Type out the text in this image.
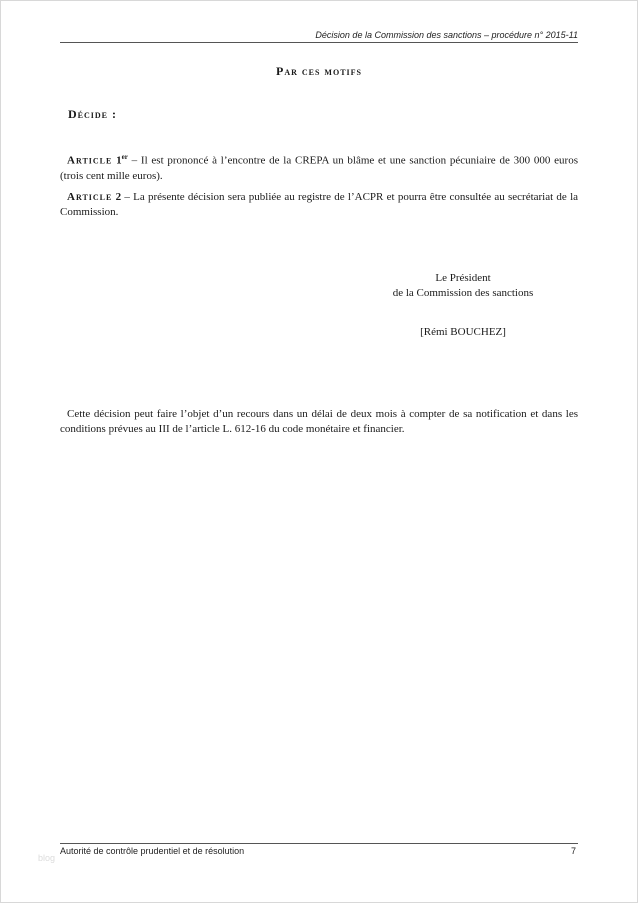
Décision de la Commission des sanctions – procédure n° 2015-11
Par ces motifs
Décide :
Article 1er – Il est prononcé à l’encontre de la CREPA un blâme et une sanction pécuniaire de 300 000 euros (trois cent mille euros).
Article 2 – La présente décision sera publiée au registre de l’ACPR et pourra être consultée au secrétariat de la Commission.
Le Président
de la Commission des sanctions
[Rémi BOUCHEZ]
Cette décision peut faire l’objet d’un recours dans un délai de deux mois à compter de sa notification et dans les conditions prévues au III de l’article L. 612-16 du code monétaire et financier.
Autorité de contrôle prudentiel et de résolution	7
blog
